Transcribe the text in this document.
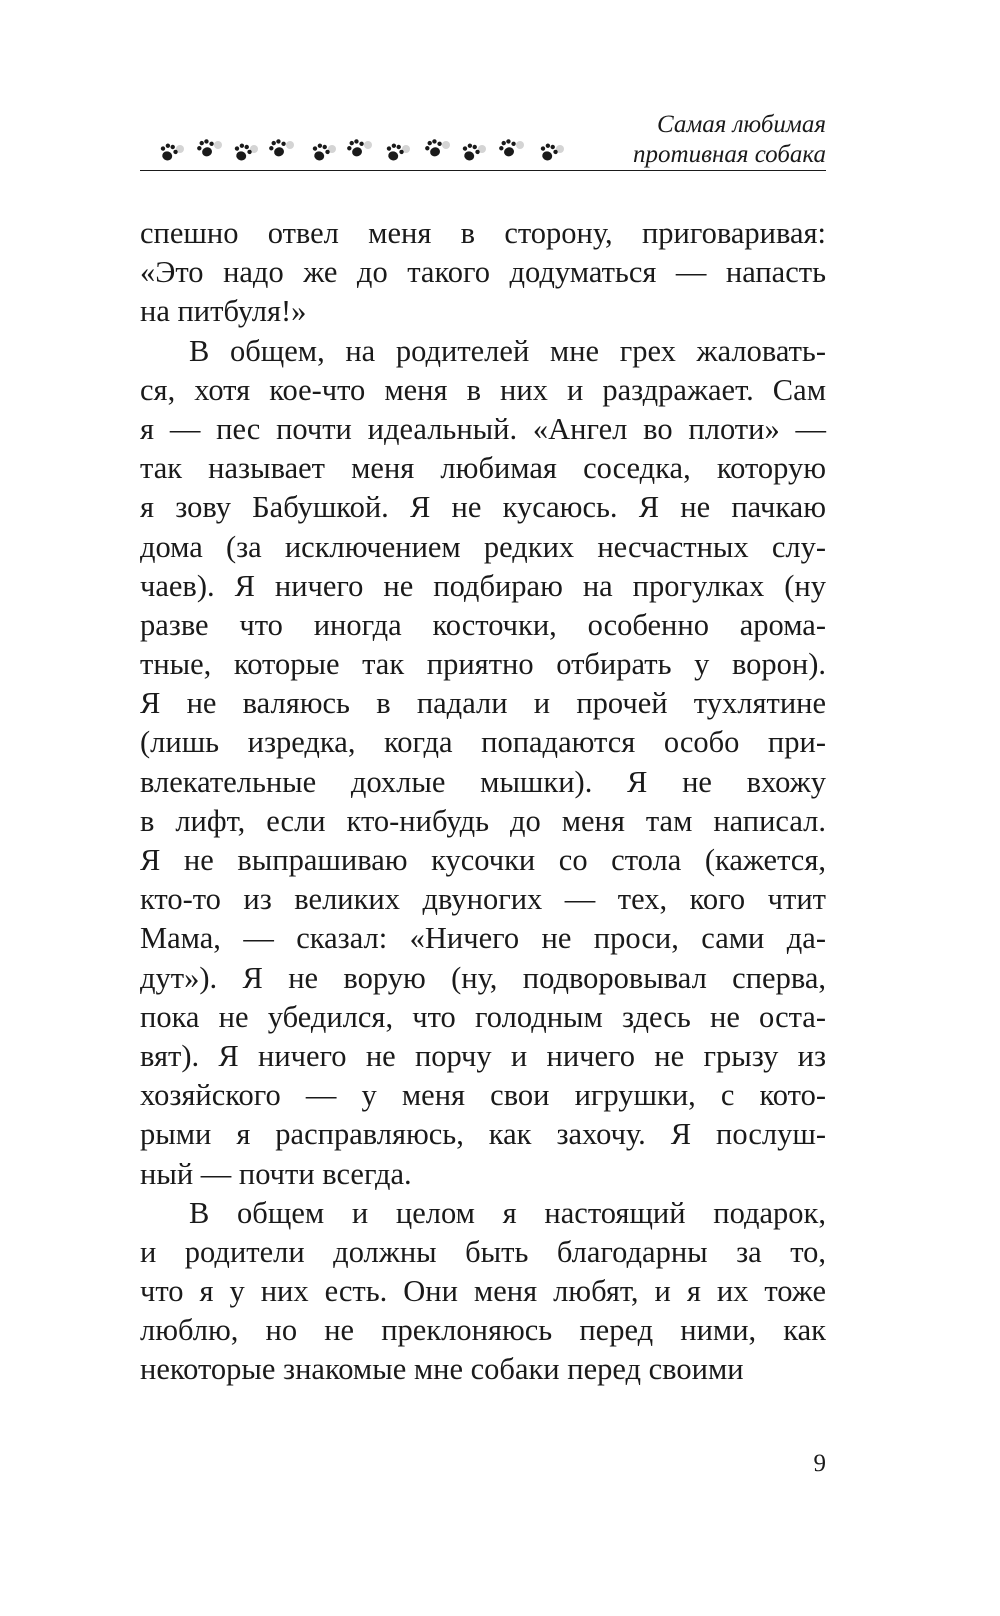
Самая любимая
противная собака
спешно отвел меня в сторону, приговаривая:
«Это надо же до такого додуматься — напасть
на питбуля!»
В общем, на родителей мне грех жаловать-
ся, хотя кое-что меня в них и раздражает. Сам
я — пес почти идеальный. «Ангел во плоти» —
так называет меня любимая соседка, которую
я зову Бабушкой. Я не кусаюсь. Я не пачкаю
дома (за исключением редких несчастных слу-
чаев). Я ничего не подбираю на прогулках (ну
разве что иногда косточки, особенно арома-
тные, которые так приятно отбирать у ворон).
Я не валяюсь в падали и прочей тухлятине
(лишь изредка, когда попадаются особо при-
влекательные дохлые мышки). Я не вхожу
в лифт, если кто-нибудь до меня там написал.
Я не выпрашиваю кусочки со стола (кажется,
кто-то из великих двуногих — тех, кого чтит
Мама, — сказал: «Ничего не проси, сами да-
дут»). Я не ворую (ну, подворовывал сперва,
пока не убедился, что голодным здесь не оста-
вят). Я ничего не порчу и ничего не грызу из
хозяйского — у меня свои игрушки, с кото-
рыми я расправляюсь, как захочу. Я послуш-
ный — почти всегда.
В общем и целом я настоящий подарок,
и родители должны быть благодарны за то,
что я у них есть. Они меня любят, и я их тоже
люблю, но не преклоняюсь перед ними, как
некоторые знакомые мне собаки перед своими
9
